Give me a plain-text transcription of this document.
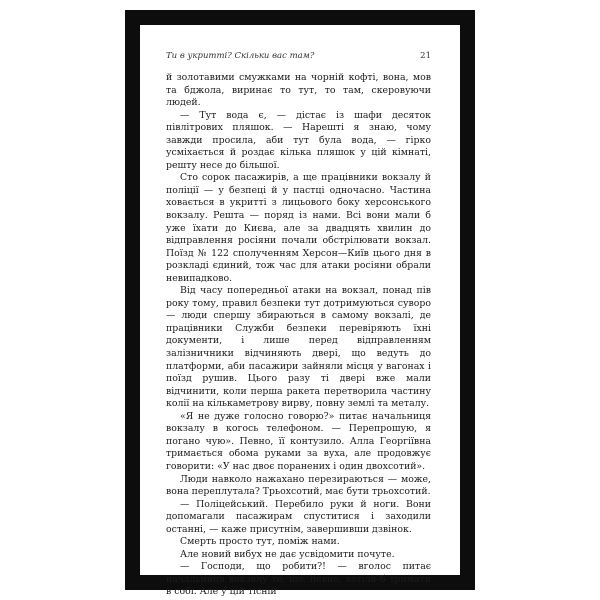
Ти в укритті? Скільки вас там?	21

й золотавими смужками на чорній кофті, вона, мов та бджола, виринає то тут, то там, скеровуючи людей.

— Тут вода є, — дістає із шафи десяток півлітрових пляшок. — Нарешті я знаю, чому завжди просила, аби тут була вода, — гірко усміхається й роздає кілька пляшок у цій кімнаті, решту несе до більшої.

Сто сорок пасажирів, а ще працівники вокзалу й поліції — у безпеці й у пастці одночасно. Частина ховається в укритті з лицьового боку херсонського вокзалу. Решта — поряд із нами. Всі вони мали б уже їхати до Києва, але за двадцять хвилин до відправлення росіяни почали обстрілювати вокзал. Поїзд № 122 сполученням Херсон—Київ цього дня в розкладі єдиний, тож час для атаки росіяни обрали невипадково.

Від часу попередньої атаки на вокзал, понад пів року тому, правил безпеки тут дотримуються суворо — люди спершу збираються в самому вокзалі, де працівники Служби безпеки перевіряють їхні документи, і лише перед відправленням залізничники відчиняють двері, що ведуть до платформи, аби пасажири зайняли місця у вагонах і поїзд рушив. Цього разу ті двері вже мали відчинити, коли перша ракета перетворила частину колії на кількаметрову вирву, повну землі та металу.

«Я не дуже голосно говорю?» питає начальниця вокзалу в когось телефоном. — Перепрошую, я погано чую». Певно, її контузило. Алла Георгіївна тримається обома руками за вуха, але продовжує говорити: «У нас двоє поранених і один двохсотий».

Люди навколо нажахано перезираються — може, вона переплутала? Трьохсотий, має бути трьохсотий.

— Поліцейський. Перебило руки й ноги. Вони допомагали пасажирам спуститися і заходили останні, — каже присутнім, завершивши дзвінок.

Смерть просто тут, поміж нами.

Але новий вибух не дає усвідомити почуте.

— Господи, що робити?! — вголос питає начальниця вокзалу те, що, певно, хотіла б тримати в собі. Але у цій тісній
